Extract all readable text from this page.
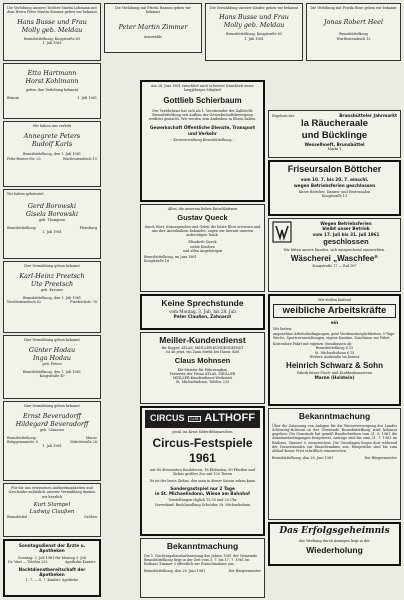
Die Verlobung unserer Tochter Marita Lohmann mit dem Herrn Peter Martin Zimmer geben wir bekannt
Hans Busse und Frau
Molly geb. Meldau
Brunsbüttelkoog, Koogstraße 65
1. Juli 1961
Etta Hartmann
Horst Kohlmann
geben ihre Verlobung bekannt
Büsum	1. Juli 1961
Wir haben uns verlobt
Annegrete Peters
Rudolf Karls
Brunsbüttelkoog, den 1. Juli 1961
Fritz-Reuter-Str. 25	Wurtleutendeich 15
Wir haben geheiratet
Gerd Borowski
Gisela Borowski
geb. Thompson
Brunsbüttelkoog	Flensburg
1. Juli 1961
Ihre Vermählung geben bekannt
Karl-Heinz Preetsch
Ute Preetsch
geb. Kreuzer
Brunsbüttelkoog, den 1. Juli 1961
Wurtleutendeich 62	Friedrichstr. 76
Ihre Vermählung geben bekannt
Günter Hodau
Inga Hodau
geb. Peters
Brunsbüttelkoog, den 1. Juli 1961
Koogstraße 49
Ihre Vermählung geben bekannt
Ernst Beveradorff
Hildegard Beveradorff
geb. Claussen
Brunsbüttelkoog	Marne
Brüggemannstr. 6	Mittelstraße 28
1. Juli 1961
Für die uns erwiesenen Aufmerksamkeiten und Geschenke anlässlich unserer Vermählung danken wir herzlich
Kurt Stampel
Ludwig Claußen
Brunsbüttel	Größen
Sonntagsdienst der Ärzte u. Apotheken
Sonntag: 2. Juli 1961 für Montag 3. Juli
Dr. Vaut — Telefon 233	Apotheke Kantstr.
Nachtdienstbereitschaft der Apotheken
1. 7. — 8. 7. Kantstr. Apotheke
Die Verlobung mit Frieda Hansen geben wir bekannt
Peter Martin Zimmer
Arnswalde
Die Vermählung unserer Kinder geben wir bekannt
Hans Busse und Frau
Molly geb. Meldau
Brunsbüttelkoog, Koogstraße 65
1. Juli 1961
Die Verlobung mit Frieda Bose geben wir bekannt
Jonas Robert Heel
Brunsbüttelkoog
Wurtleutendeich 12
Am 28. Juni 1961 entschlief nach schwerer Krankheit unser langjähriger Mitglied
Gottlieb Schierbaum
Der Verblichene hat sich als 1. Vorsitzender der Zahlstelle Brunsbüttelkoog seit Aufbau der Gewerkschaftsbewegung verdient gemacht. Wir werden sein Andenken in Ehren halten.
Gewerkschaft Öffentliche Dienste, Transport und Verkehr
- Kreisverwaltung Brunsbüttelkoog -
Allen, die unserem lieben Entschlafenen
Gustav Queck
durch Wort, Kranzspenden und Geleit die letzte Ehre erwiesen und uns ihre Anteilnahme bekundet, sagen wir hiermit unseren aufrichtigen Dank.
Elisabeth Queck
nebst Kindern
und allen Angehörigen
Brunsbüttelkoog, im Juni 1961
Koogstraße 16
Keine Sprechstunde
vom Montag, 3. Juli, bis 28. Juli
Peter Claußen, Zahnarzt
Meiller-Kundendienst
für Kipper, ATLAS, MEILLER-KUNDENDIENST
ist ab jetzt, ein Zaun direkt bei Ihnen: Kiel
Claus Mohnsen
Kfz-Meister für Fahrzeugbau
Vertreter der Firma ATLAS, MEILLER
MEILLER-Kundendienst-Werkstatt
St. Michaelisdonn, Telefon 233
CIRCUS	CARL ALTHOFF
prsäl. im Kreis Süderdithmarschen
Circus-Festspiele 1961
mit 60 dressierten Raubtieren, 18 Elefanten, 60 Pferden und Zirkus größter Zoo mit 100 Tieren
Es ist der beste Zirkus, den man in dieser Saison sehen kann
Sondergastspiel nur 2 Tage
in St. Michaelisdonn, Wiese am Bahnhof
Vorstellungen täglich 15.30 und 20 Uhr
Vorverkauf: Buchhandlung Schröder, St. Michaelisdonn
Bekanntmachung
Die 1. Nachtragshaushaltssatzung des Jahres 1961 der Gemeinde Brunsbüttelkoog liegt in der Zeit vom 3. 7. bis 17. 7. 1961 im Rathaus Zimmer 3 öffentlich zur Einsichtnahme aus.
Brunsbüttelkoog, den 28. Juni 1961	Der Bürgermeister
Ergebnis der	Brunsbütteler Jahrmarkt
la Räucheraale
und Bücklinge
Wesselhoeft, Brunsbüttel
Markt 1
Friseursalon Böttcher
vom 10. 7. bis 20. 7. einschl.
wegen Betriebsferien geschlossen
Kurze Böttcher, Damen- und Herrensalon
Koogstraße 13
Wegen Betriebsferien
bleibt unser Betrieb
vom 17. Juli bis 31. Juli 1961
geschlossen
Wir bitten unsere Kunden, sich entsprechend einzurichten.
Wäscherei „Waschfee“
Koogstraße 17 — Ruf 267
Wir stellen laufend
weibliche Arbeitskräfte
ein
Wir bieten:
angenehme Arbeitsbedingungen, gute Verdienstmöglichkeiten, 5-Tage-Woche, Sportveranstaltungen, eigene Kantine, Zuschüsse zur Fahrt.
Kostenlose Fahrt mit eigenen Omnibussen ab:
Brunsbüttelkoog 6.15
St. Michaelisdonn 6.15
Weitere Auskünfte im Kontor
Heinrich Schwarz & Sohn
Fabrik feiner Fisch- und Krabbenkonserven
Marne (Holstein)
Bekanntmachung
Über die Zulassung von Anlagen für die Wasserversorgung des Landes Schleswig-Holstein in der Gemeinde Brunsbüttelkoog wird bekannt gegeben: Die Gemeinde hat gemäß Rundschreiben vom 21. 6. 1961 die Abnahmebedingungen festgesetzt. Anträge sind bis zum 31. 7. 1961 im Rathaus, Zimmer 5, einzureichen. Die Unterlagen liegen dort während der Dienststunden zur Einsichtnahme aus. Einsprüche sind bis zum Ablauf dieser Frist schriftlich einzureichen.
Brunsbüttelkoog, den 28. Juni 1961	Der Bürgermeister
Das Erfolgsgeheimnis
der Werbung durch Anzeigen liegt in der
Wiederholung
